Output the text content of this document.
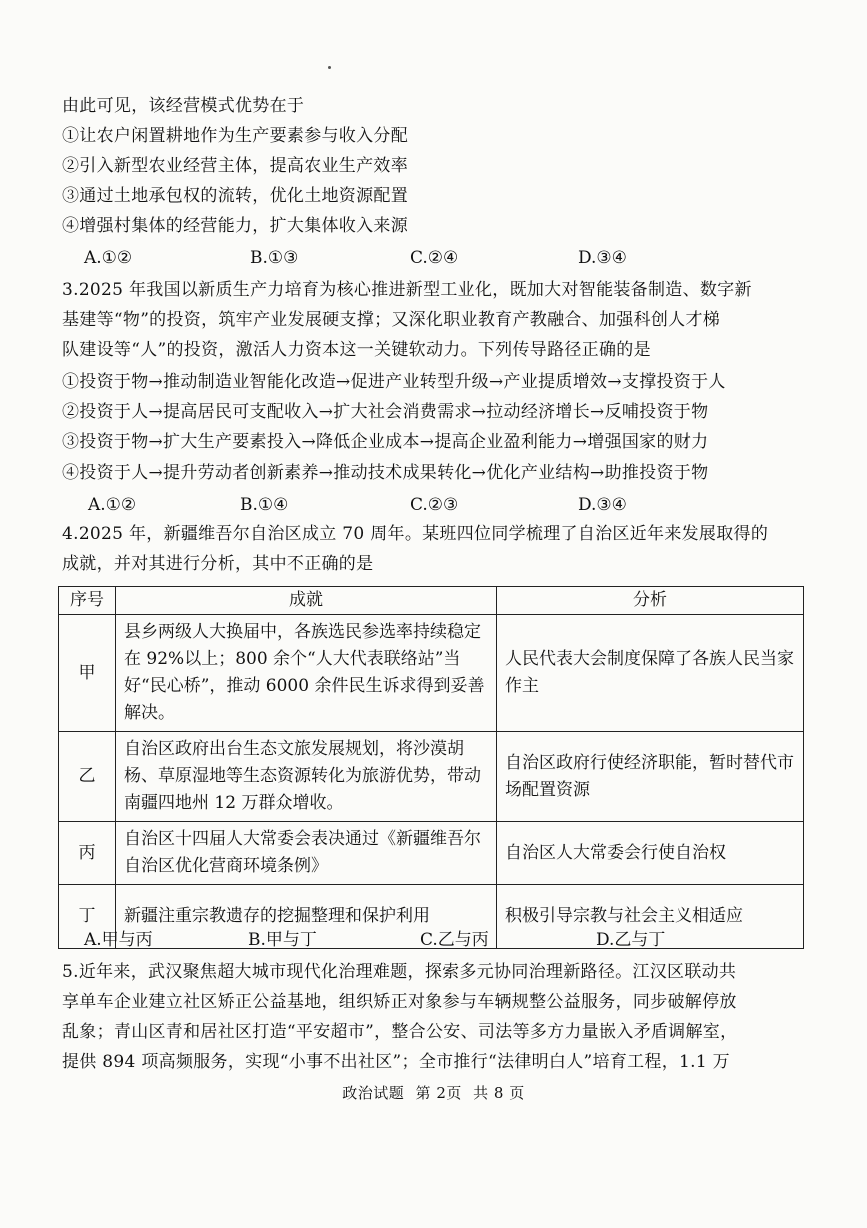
由此可见，该经营模式优势在于
①让农户闲置耕地作为生产要素参与收入分配
②引入新型农业经营主体，提高农业生产效率
③通过土地承包权的流转，优化土地资源配置
④增强村集体的经营能力，扩大集体收入来源
A.①②	B.①③	C.②④	D.③④
3.2025 年我国以新质生产力培育为核心推进新型工业化，既加大对智能装备制造、数字新
基建等“物”的投资，筑牢产业发展硬支撑；又深化职业教育产教融合、加强科创人才梯
队建设等“人”的投资，激活人力资本这一关键软动力。下列传导路径正确的是
①投资于物→推动制造业智能化改造→促进产业转型升级→产业提质增效→支撑投资于人
②投资于人→提高居民可支配收入→扩大社会消费需求→拉动经济增长→反哺投资于物
③投资于物→扩大生产要素投入→降低企业成本→提高企业盈利能力→增强国家的财力
④投资于人→提升劳动者创新素养→推动技术成果转化→优化产业结构→助推投资于物
A.①②	B.①④	C.②③	D.③④
4.2025 年，新疆维吾尔自治区成立 70 周年。某班四位同学梳理了自治区近年来发展取得的
成就，并对其进行分析，其中不正确的是
序号	成就	分析
甲	县乡两级人大换届中，各族选民参选率持续稳定在 92%以上；800 余个“人大代表联络站”当好“民心桥”，推动 6000 余件民生诉求得到妥善解决。	人民代表大会制度保障了各族人民当家作主
乙	自治区政府出台生态文旅发展规划，将沙漠胡杨、草原湿地等生态资源转化为旅游优势，带动南疆四地州 12 万群众增收。	自治区政府行使经济职能，暂时替代市场配置资源
丙	自治区十四届人大常委会表决通过《新疆维吾尔自治区优化营商环境条例》	自治区人大常委会行使自治权
丁	新疆注重宗教遗存的挖掘整理和保护利用	积极引导宗教与社会主义相适应
A.甲与丙	B.甲与丁	C.乙与丙	D.乙与丁
5.近年来，武汉聚焦超大城市现代化治理难题，探索多元协同治理新路径。江汉区联动共
享单车企业建立社区矫正公益基地，组织矫正对象参与车辆规整公益服务，同步破解停放
乱象；青山区青和居社区打造“平安超市”，整合公安、司法等多方力量嵌入矛盾调解室，
提供 894 项高频服务，实现“小事不出社区”；全市推行“法律明白人”培育工程，1.1 万
政治试题 第 2页 共 8 页
